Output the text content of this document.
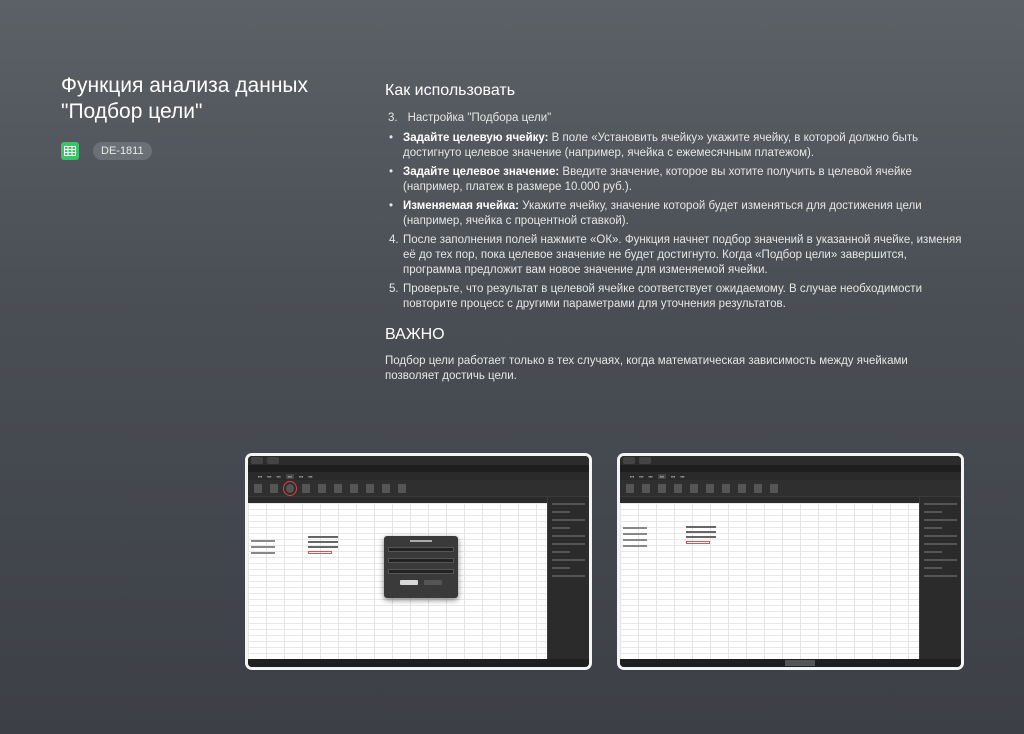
Функция анализа данных "Подбор цели"
DE-1811
Как использовать
3. Настройка "Подбора цели"
• Задайте целевую ячейку: В поле «Установить ячейку» укажите ячейку, в которой должно быть достигнуто целевое значение (например, ячейка с ежемесячным платежом).
• Задайте целевое значение: Введите значение, которое вы хотите получить в целевой ячейке (например, платеж в размере 10.000 руб.).
• Изменяемая ячейка: Укажите ячейку, значение которой будет изменяться для достижения цели (например, ячейка с процентной ставкой).
4. После заполнения полей нажмите «ОК». Функция начнет подбор значений в указанной ячейке, изменяя её до тех пор, пока целевое значение не будет достигнуто. Когда «Подбор цели» завершится, программа предложит вам новое значение для изменяемой ячейки.
5. Проверьте, что результат в целевой ячейке соответствует ожидаемому. В случае необходимости повторите процесс с другими параметрами для уточнения результатов.
ВАЖНО
Подбор цели работает только в тех случаях, когда математическая зависимость между ячейками позволяет достичь цели.
▪▪▪ ▪▪▪ ▪▪▪	▪▪▪	▪▪▪ ▪▪▪	▪▪▪ ▪▪▪ ▪▪▪	▪▪▪	▪▪▪ ▪▪▪
